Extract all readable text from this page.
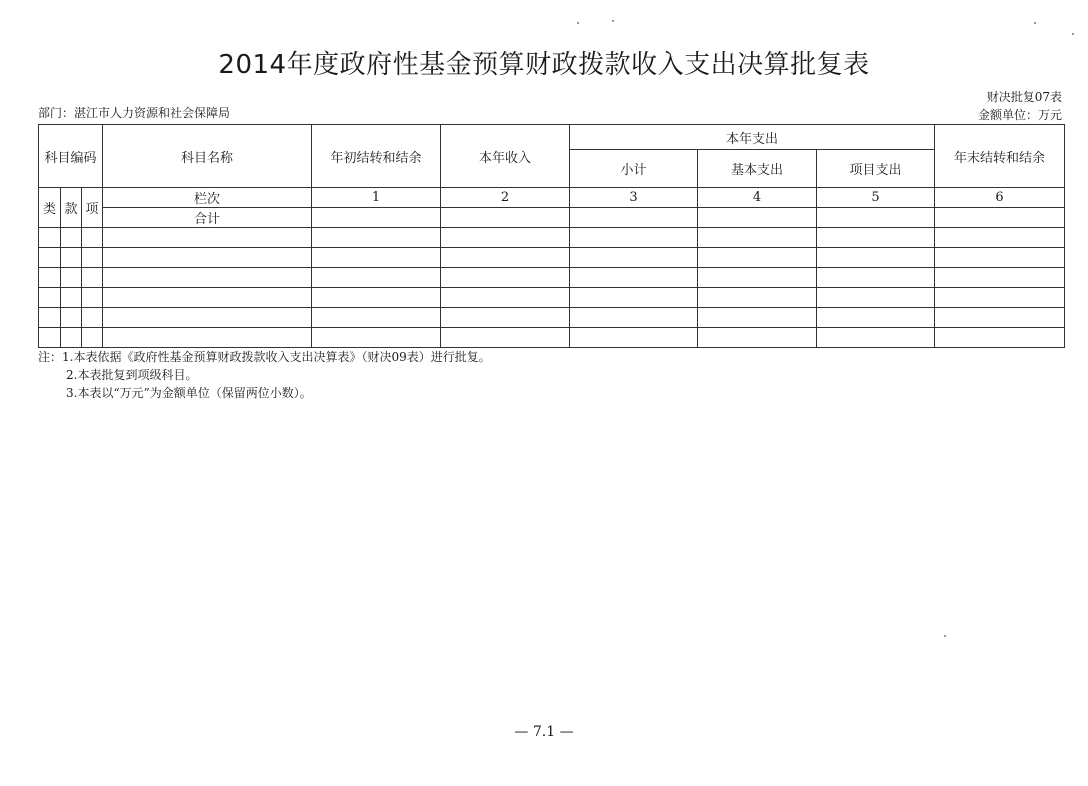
2014年度政府性基金预算财政拨款收入支出决算批复表
财决批复07表
金额单位：万元
部门：湛江市人力资源和社会保障局
科目编码			科目名称	年初结转和结余	本年收入	本年支出			年末结转和结余
						小计	基本支出	项目支出	
类	款	项	栏次	1	2	3	4	5	6
			合计						

注：1.本表依据《政府性基金预算财政拨款收入支出决算表》（财决09表）进行批复。
2.本表批复到项级科目。
3.本表以“万元”为金额单位（保留两位小数）。
— 7.1 —
